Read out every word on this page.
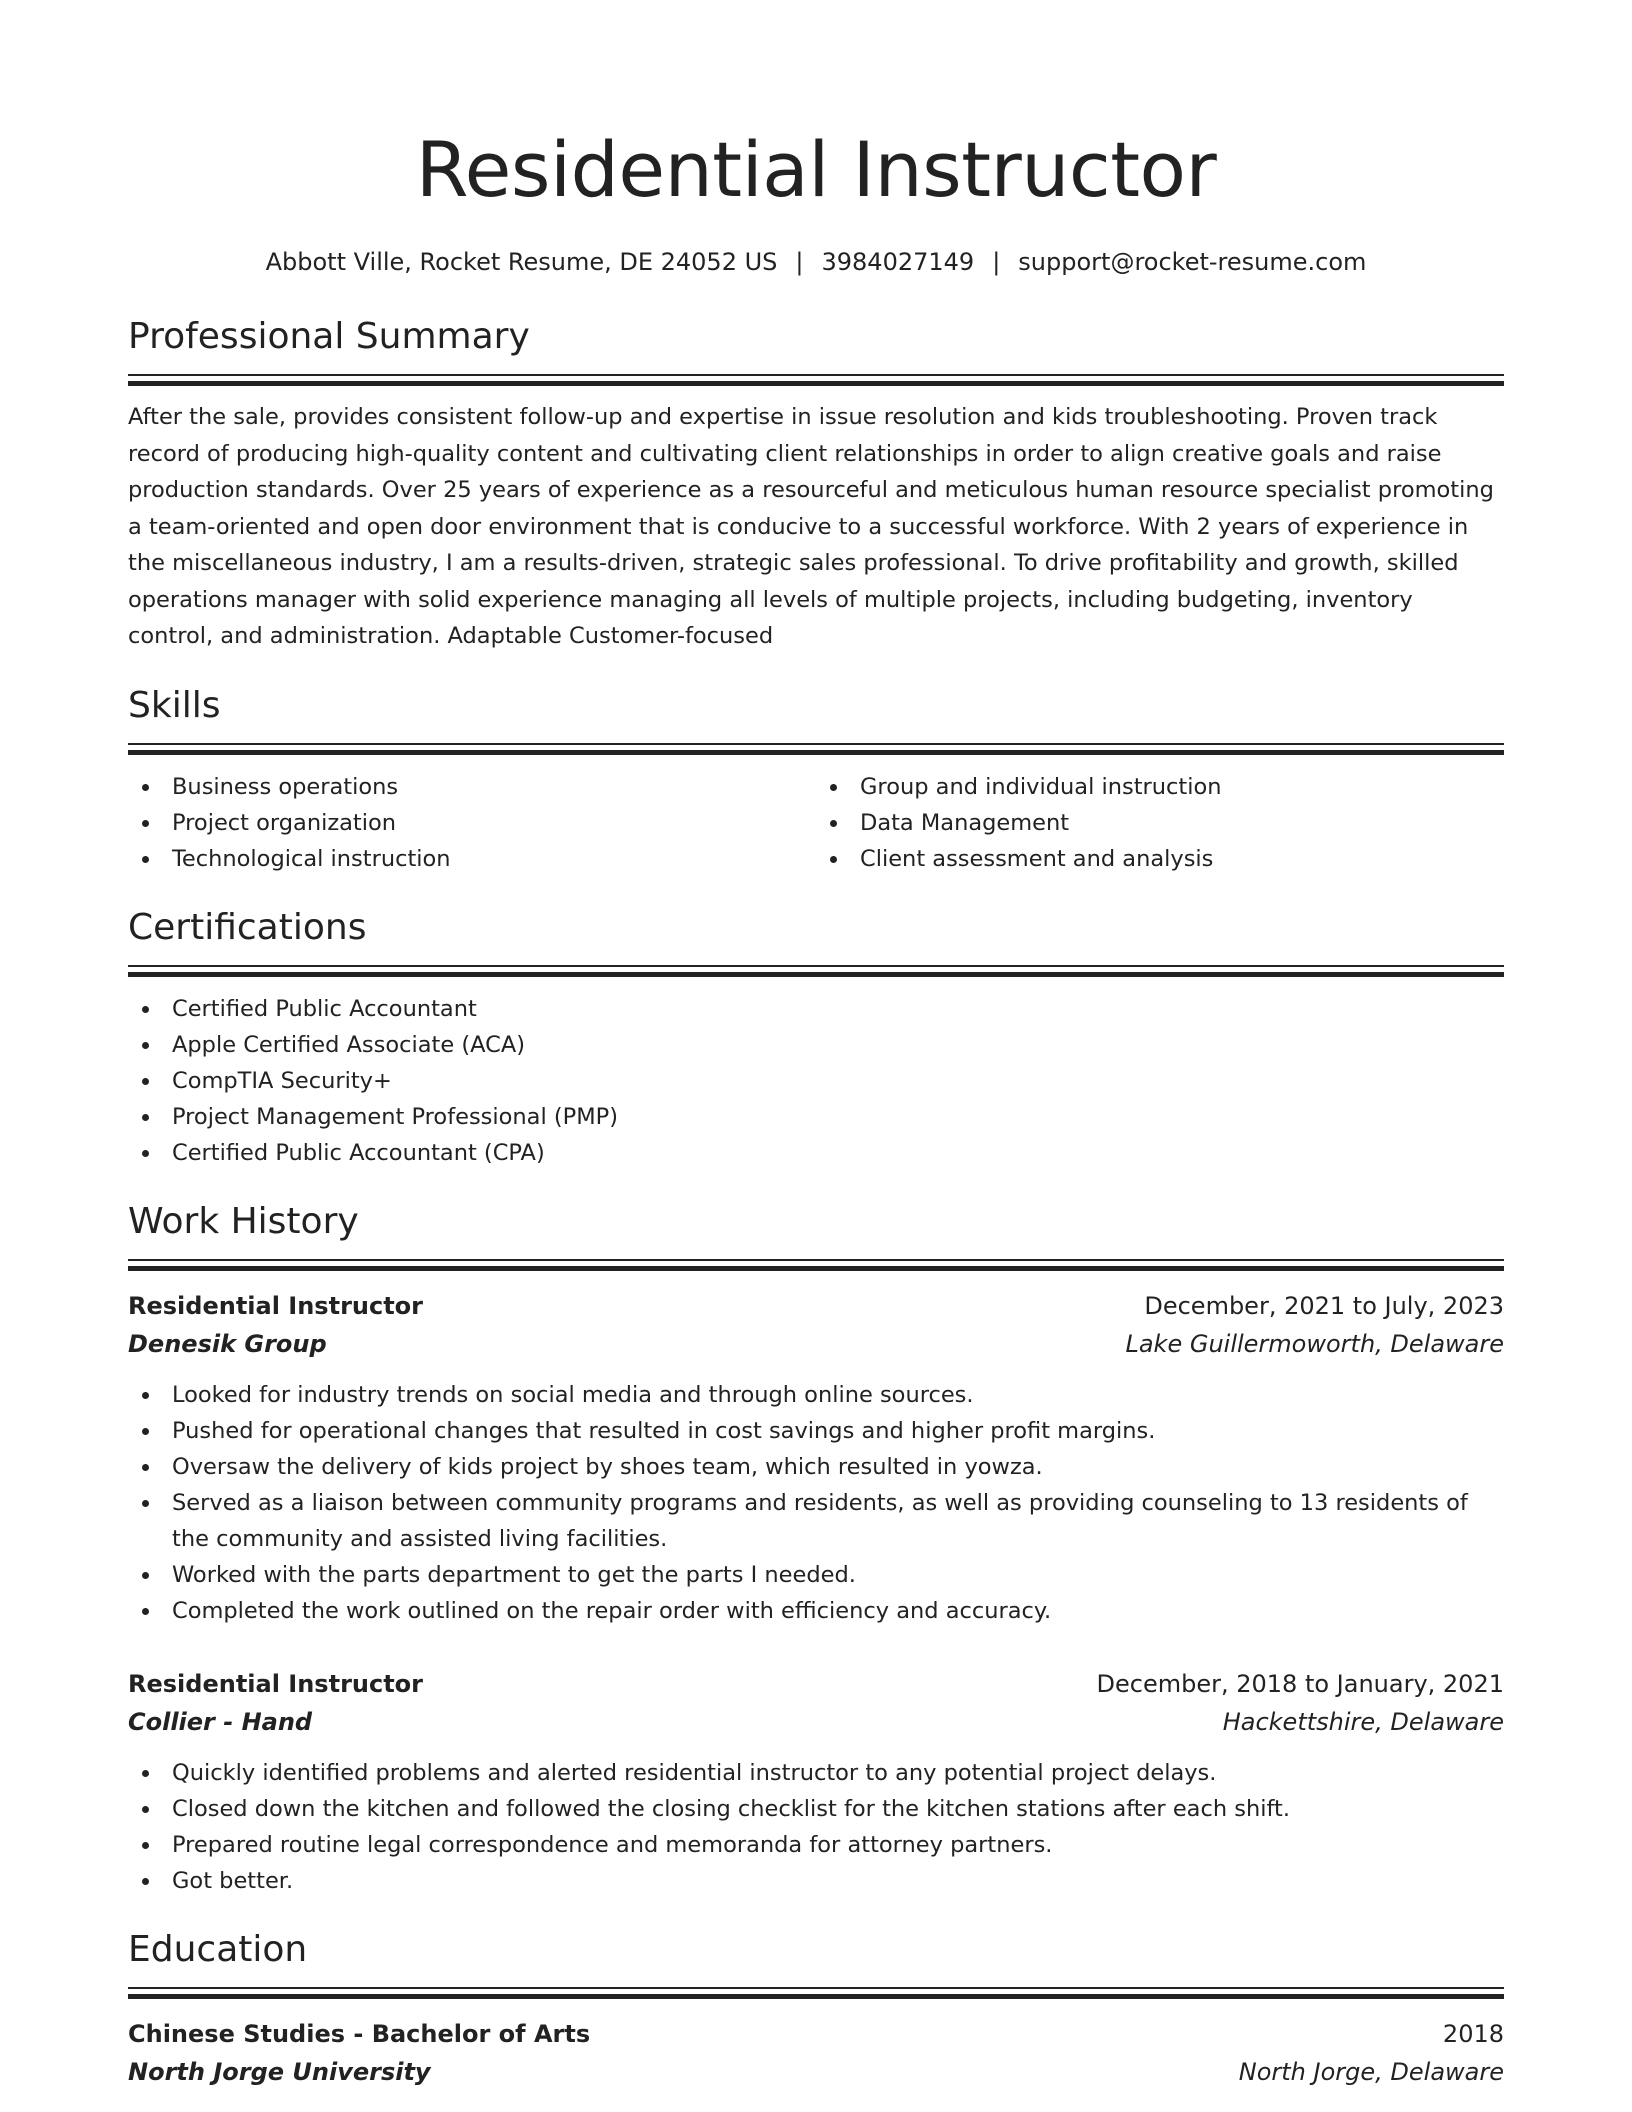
Residential Instructor
Abbott Ville, Rocket Resume, DE 24052 US | 3984027149 | support@rocket-resume.com
Professional Summary

After the sale, provides consistent follow-up and expertise in issue resolution and kids troubleshooting. Proven track record of producing high-quality content and cultivating client relationships in order to align creative goals and raise production standards. Over 25 years of experience as a resourceful and meticulous human resource specialist promoting a team-oriented and open door environment that is conducive to a successful workforce. With 2 years of experience in the miscellaneous industry, I am a results-driven, strategic sales professional. To drive profitability and growth, skilled operations manager with solid experience managing all levels of multiple projects, including budgeting, inventory control, and administration. Adaptable Customer-focused

Skills
Business operations
Project organization
Technological instruction
Group and individual instruction
Data Management
Client assessment and analysis
Certifications
Certified Public Accountant
Apple Certified Associate (ACA)
CompTIA Security+
Project Management Professional (PMP)
Certified Public Accountant (CPA)
Work History
Residential Instructor	December, 2021 to July, 2023
Denesik Group	Lake Guillermoworth, Delaware
Looked for industry trends on social media and through online sources.
Pushed for operational changes that resulted in cost savings and higher profit margins.
Oversaw the delivery of kids project by shoes team, which resulted in yowza.
Served as a liaison between community programs and residents, as well as providing counseling to 13 residents of the community and assisted living facilities.
Worked with the parts department to get the parts I needed.
Completed the work outlined on the repair order with efficiency and accuracy.
Residential Instructor	December, 2018 to January, 2021
Collier - Hand	Hackettshire, Delaware
Quickly identified problems and alerted residential instructor to any potential project delays.
Closed down the kitchen and followed the closing checklist for the kitchen stations after each shift.
Prepared routine legal correspondence and memoranda for attorney partners.
Got better.
Education
Chinese Studies - Bachelor of Arts	2018
North Jorge University	North Jorge, Delaware
